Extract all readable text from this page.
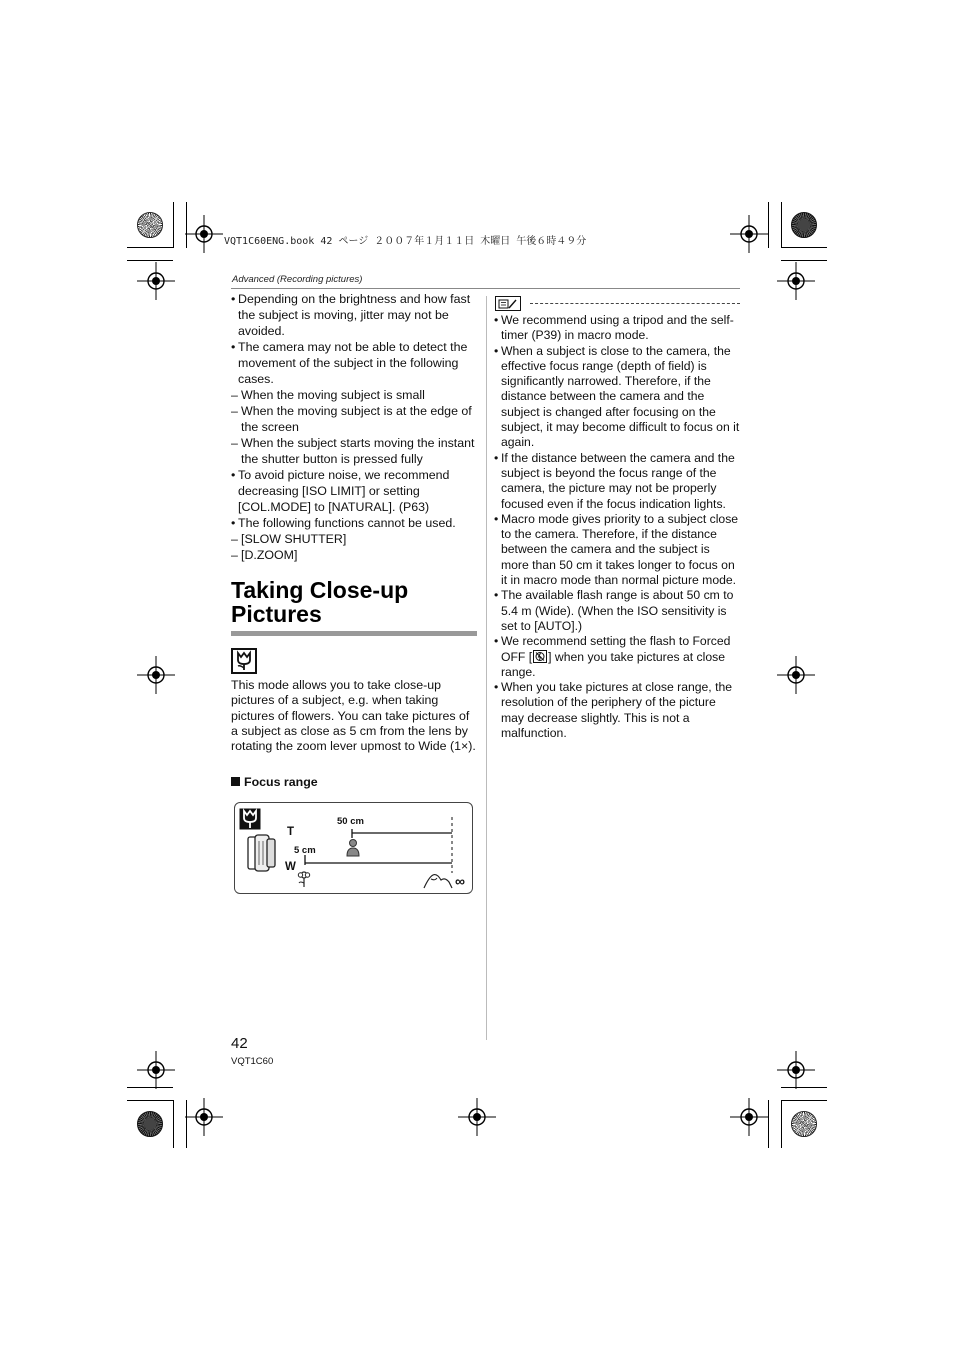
VQT1C60ENG.book 42 ページ ２００７年１月１１日 木曜日 午後６時４９分
Advanced (Recording pictures)
• Depending on the brightness and how fast the subject is moving, jitter may not be avoided.
• The camera may not be able to detect the movement of the subject in the following cases.
– When the moving subject is small
– When the moving subject is at the edge of the screen
– When the subject starts moving the instant the shutter button is pressed fully
• To avoid picture noise, we recommend decreasing [ISO LIMIT] or setting [COL.MODE] to [NATURAL]. (P63)
• The following functions cannot be used.
– [SLOW SHUTTER]
– [D.ZOOM]
Taking Close-up Pictures
This mode allows you to take close-up pictures of a subject, e.g. when taking pictures of flowers. You can take pictures of a subject as close as 5 cm from the lens by rotating the zoom lever upmost to Wide (1×).
Focus range
T
W
50 cm
5 cm
∞
• We recommend using a tripod and the self-timer (P39) in macro mode.
• When a subject is close to the camera, the effective focus range (depth of field) is significantly narrowed. Therefore, if the distance between the camera and the subject is changed after focusing on the subject, it may become difficult to focus on it again.
• If the distance between the camera and the subject is beyond the focus range of the camera, the picture may not be properly focused even if the focus indication lights.
• Macro mode gives priority to a subject close to the camera. Therefore, if the distance between the camera and the subject is more than 50 cm it takes longer to focus on it in macro mode than normal picture mode.
• The available flash range is about 50 cm to 5.4 m (Wide). (When the ISO sensitivity is set to [AUTO].)
• We recommend setting the flash to Forced OFF [ ] when you take pictures at close range.
• When you take pictures at close range, the resolution of the periphery of the picture may decrease slightly. This is not a malfunction.
42
VQT1C60
